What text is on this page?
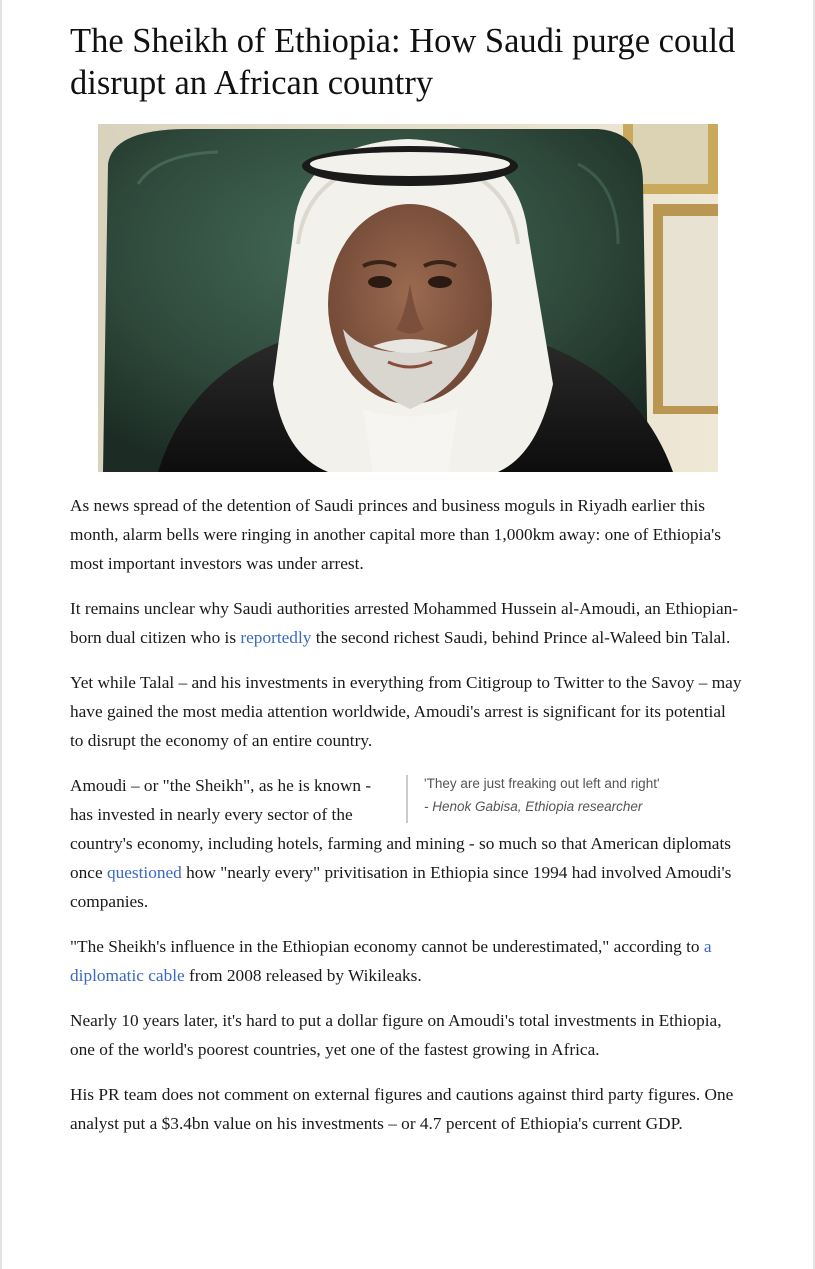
The Sheikh of Ethiopia: How Saudi purge could disrupt an African country

As news spread of the detention of Saudi princes and business moguls in Riyadh earlier this month, alarm bells were ringing in another capital more than 1,000km away: one of Ethiopia's most important investors was under arrest.

It remains unclear why Saudi authorities arrested Mohammed Hussein al-Amoudi, an Ethiopian-born dual citizen who is reportedly the second richest Saudi, behind Prince al-Waleed bin Talal.

Yet while Talal – and his investments in everything from Citigroup to Twitter to the Savoy – may have gained the most media attention worldwide, Amoudi's arrest is significant for its potential to disrupt the economy of an entire country.

'They are just freaking out left and right'
- Henok Gabisa, Ethiopia researcher
Amoudi – or "the Sheikh", as he is known - has invested in nearly every sector of the country's economy, including hotels, farming and mining - so much so that American diplomats once questioned how "nearly every" privitisation in Ethiopia since 1994 had involved Amoudi's companies.

"The Sheikh's influence in the Ethiopian economy cannot be underestimated," according to a diplomatic cable from 2008 released by Wikileaks.

Nearly 10 years later, it's hard to put a dollar figure on Amoudi's total investments in Ethiopia, one of the world's poorest countries, yet one of the fastest growing in Africa.

His PR team does not comment on external figures and cautions against third party figures. One analyst put a $3.4bn value on his investments – or 4.7 percent of Ethiopia's current GDP.
